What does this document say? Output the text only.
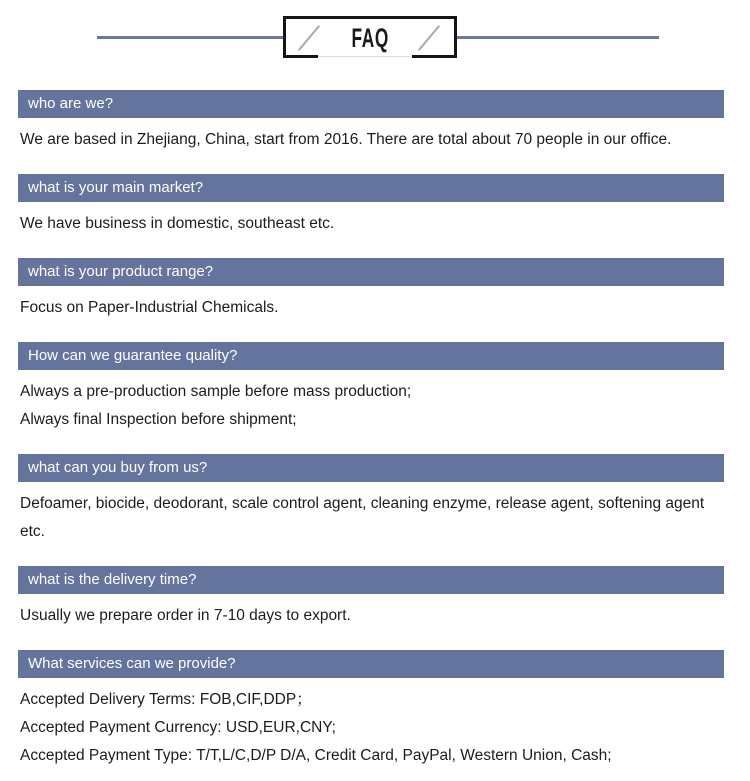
FAQ
who are we?

We are based in Zhejiang, China, start from 2016. There are total about 70 people in our office.

what is your main market?

We have business in domestic, southeast etc.

what is your product range?

Focus on Paper-Industrial Chemicals.

How can we guarantee quality?

Always a pre-production sample before mass production;

Always final Inspection before shipment;

what can you buy from us?

Defoamer, biocide, deodorant, scale control agent, cleaning enzyme, release agent, softening agent etc.

what is the delivery time?

Usually we prepare order in 7-10 days to export.

What services can we provide?

Accepted Delivery Terms: FOB,CIF,DDP；

Accepted Payment Currency: USD,EUR,CNY;

Accepted Payment Type: T/T,L/C,D/P D/A, Credit Card, PayPal, Western Union, Cash;
